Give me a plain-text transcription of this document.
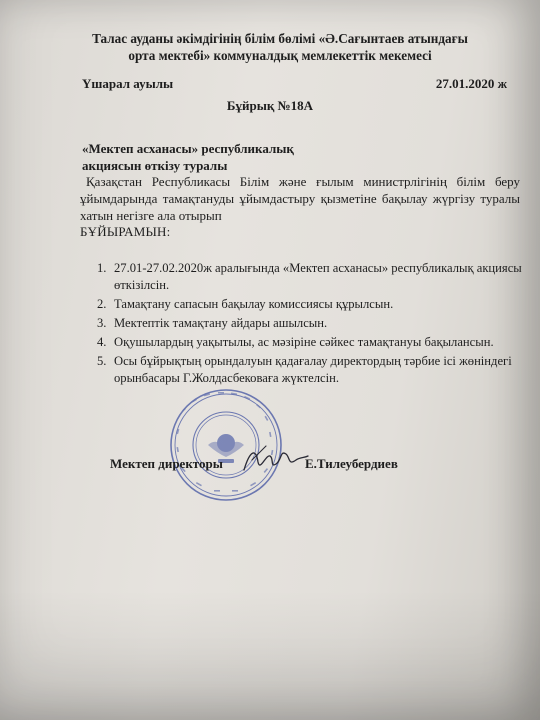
Талас ауданы әкімдігінің білім бөлімі «Ә.Сағынтаев атындағы орта мектебі» коммуналдық мемлекеттік мекемесі
Үшарал ауылы	27.01.2020 ж
Бұйрық №18А
«Мектеп асханасы» республикалық
акциясын өткізу туралы
Қазақстан Республикасы Білім және ғылым министрлігінің білім беру ұйымдарында тамақтануды ұйымдастыру қызметіне бақылау жүргізу туралы хатын негізге ала отырып
БҰЙЫРАМЫН:
1. 27.01-27.02.2020ж аралығында «Мектеп асханасы» республикалық акциясы өткізілсін.
2. Тамақтану сапасын бақылау комиссиясы құрылсын.
3. Мектептік тамақтану айдары ашылсын.
4. Оқушылардың уақытылы, ас мәзіріне сәйкес тамақтануы бақылансын.
5. Осы бұйрықтың орындалуын қадағалау директордың тәрбие ісі жөніндегі орынбасары Г.Жолдасбековаға жүктелсін.
Мектеп директоры	Е.Тилеубердиев
